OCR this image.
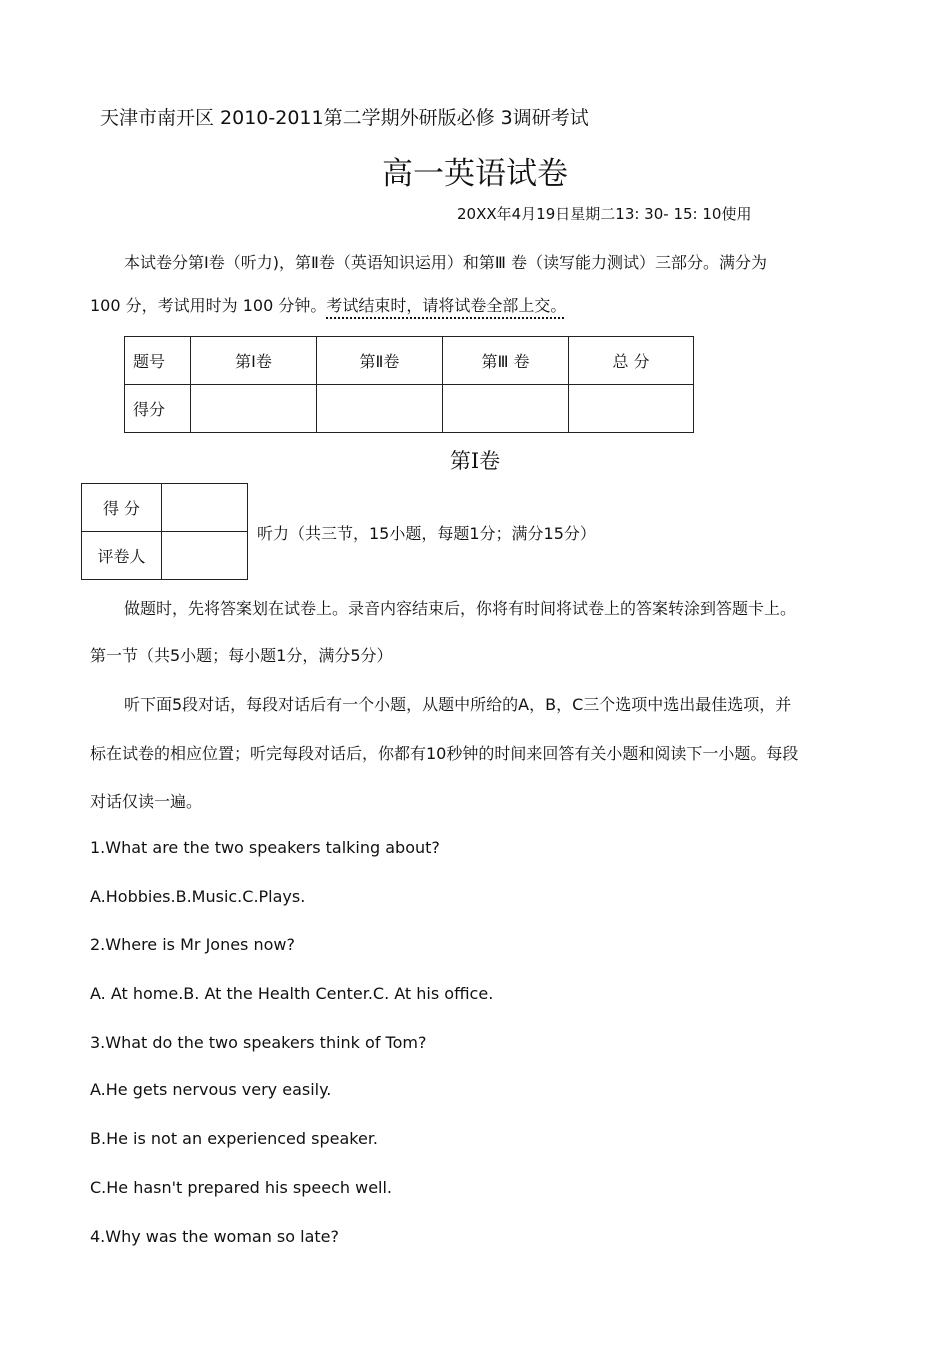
天津市南开区 2010-2011第二学期外研版必修 3调研考试
高一英语试卷
20XX年4月19日星期二13: 30- 15: 10使用
本试卷分第Ⅰ卷（听力)，第Ⅱ卷（英语知识运用）和第Ⅲ 卷（读写能力测试）三部分。满分为
100 分，考试用时为 100 分钟。考试结束时，请将试卷全部上交。
题号	第Ⅰ卷	第Ⅱ卷	第Ⅲ 卷	总 分
得分				
第Ⅰ卷
得 分	
评卷人	
听力（共三节，15小题，每题1分；满分15分）
做题时，先将答案划在试卷上。录音内容结束后，你将有时间将试卷上的答案转涂到答题卡上。
第一节（共5小题；每小题1分，满分5分）
听下面5段对话，每段对话后有一个小题，从题中所给的A，B，C三个选项中选出最佳选项，并
标在试卷的相应位置；听完每段对话后，你都有10秒钟的时间来回答有关小题和阅读下一小题。每段
对话仅读一遍。
1.What are the two speakers talking about?
A.Hobbies.B.Music.C.Plays.
2.Where is Mr Jones now?
A. At home.B. At the Health Center.C. At his office.
3.What do the two speakers think of Tom?
A.He gets nervous very easily.
B.He is not an experienced speaker.
C.He hasn't prepared his speech well.
4.Why was the woman so late?
